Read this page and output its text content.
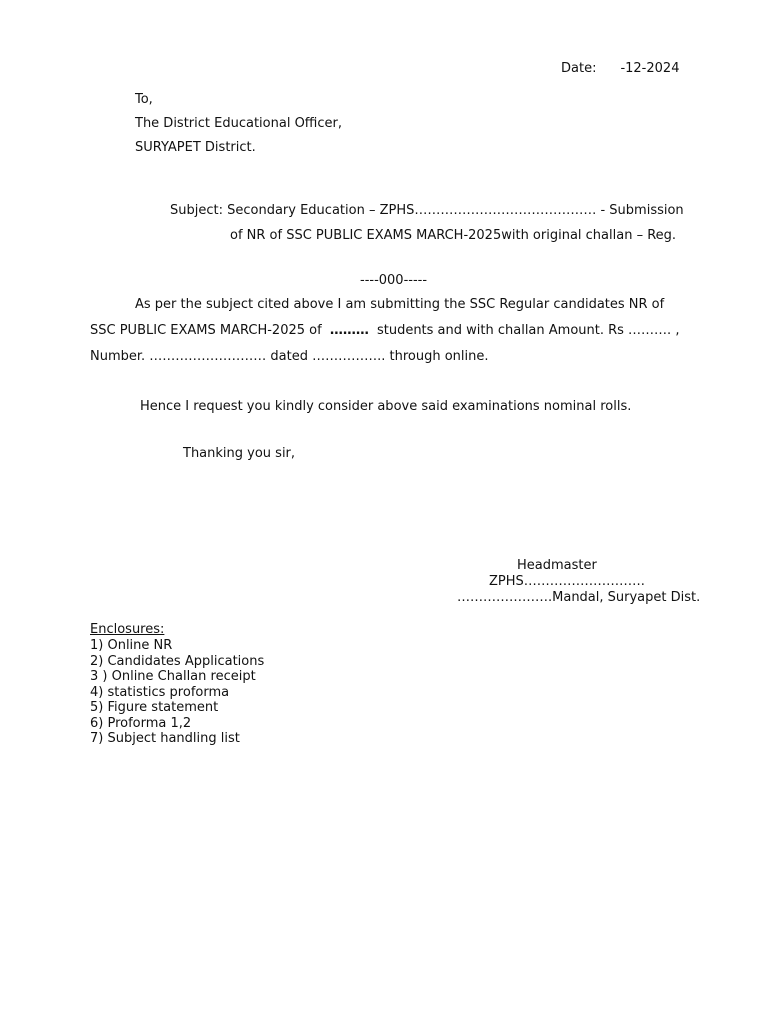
Date: -12-2024
To,
The District Educational Officer,
SURYAPET District.
Subject: Secondary Education – ZPHS…………………………………… - Submission
of NR of SSC PUBLIC EXAMS MARCH-2025with original challan – Reg.
----000-----
As per the subject cited above I am submitting the SSC Regular candidates NR of
SSC PUBLIC EXAMS MARCH-2025 of ……… students and with challan Amount. Rs ………. ,
Number. ……………………… dated …………….. through online.
Hence I request you kindly consider above said examinations nominal rolls.
Thanking you sir,
Headmaster
ZPHS……………………….
………………….Mandal, Suryapet Dist.
Enclosures:
1) Online NR
2) Candidates Applications
3 ) Online Challan receipt
4) statistics proforma
5) Figure statement
6) Proforma 1,2
7) Subject handling list
